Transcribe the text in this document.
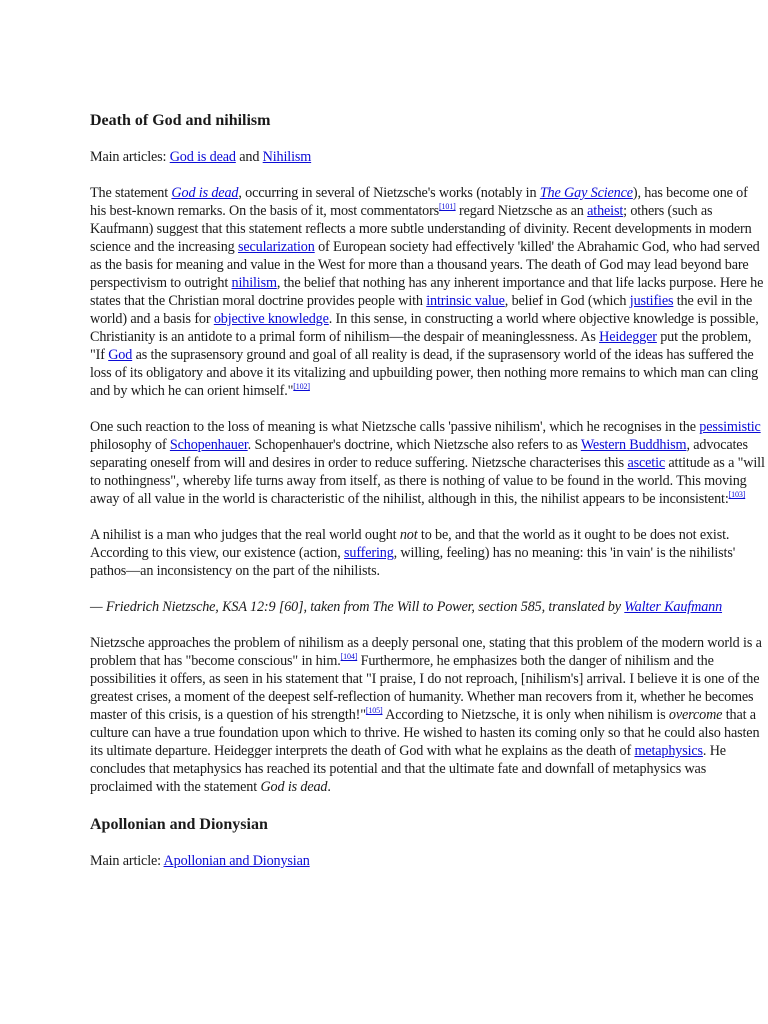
Death of God and nihilism

Main articles: God is dead and Nihilism

The statement God is dead, occurring in several of Nietzsche's works (notably in The Gay Science), has become one of his best-known remarks. On the basis of it, most commentators[101] regard Nietzsche as an atheist; others (such as Kaufmann) suggest that this statement reflects a more subtle understanding of divinity. Recent developments in modern science and the increasing secularization of European society had effectively 'killed' the Abrahamic God, who had served as the basis for meaning and value in the West for more than a thousand years. The death of God may lead beyond bare perspectivism to outright nihilism, the belief that nothing has any inherent importance and that life lacks purpose. Here he states that the Christian moral doctrine provides people with intrinsic value, belief in God (which justifies the evil in the world) and a basis for objective knowledge. In this sense, in constructing a world where objective knowledge is possible, Christianity is an antidote to a primal form of nihilism—the despair of meaninglessness. As Heidegger put the problem, "If God as the suprasensory ground and goal of all reality is dead, if the suprasensory world of the ideas has suffered the loss of its obligatory and above it its vitalizing and upbuilding power, then nothing more remains to which man can cling and by which he can orient himself."[102]

One such reaction to the loss of meaning is what Nietzsche calls 'passive nihilism', which he recognises in the pessimistic philosophy of Schopenhauer. Schopenhauer's doctrine, which Nietzsche also refers to as Western Buddhism, advocates separating oneself from will and desires in order to reduce suffering. Nietzsche characterises this ascetic attitude as a "will to nothingness", whereby life turns away from itself, as there is nothing of value to be found in the world. This moving away of all value in the world is characteristic of the nihilist, although in this, the nihilist appears to be inconsistent:[103]

A nihilist is a man who judges that the real world ought not to be, and that the world as it ought to be does not exist. According to this view, our existence (action, suffering, willing, feeling) has no meaning: this 'in vain' is the nihilists' pathos—an inconsistency on the part of the nihilists.

— Friedrich Nietzsche, KSA 12:9 [60], taken from The Will to Power, section 585, translated by Walter Kaufmann

Nietzsche approaches the problem of nihilism as a deeply personal one, stating that this problem of the modern world is a problem that has "become conscious" in him.[104] Furthermore, he emphasizes both the danger of nihilism and the possibilities it offers, as seen in his statement that "I praise, I do not reproach, [nihilism's] arrival. I believe it is one of the greatest crises, a moment of the deepest self-reflection of humanity. Whether man recovers from it, whether he becomes master of this crisis, is a question of his strength!"[105] According to Nietzsche, it is only when nihilism is overcome that a culture can have a true foundation upon which to thrive. He wished to hasten its coming only so that he could also hasten its ultimate departure. Heidegger interprets the death of God with what he explains as the death of metaphysics. He concludes that metaphysics has reached its potential and that the ultimate fate and downfall of metaphysics was proclaimed with the statement God is dead.

Apollonian and Dionysian

Main article: Apollonian and Dionysian
